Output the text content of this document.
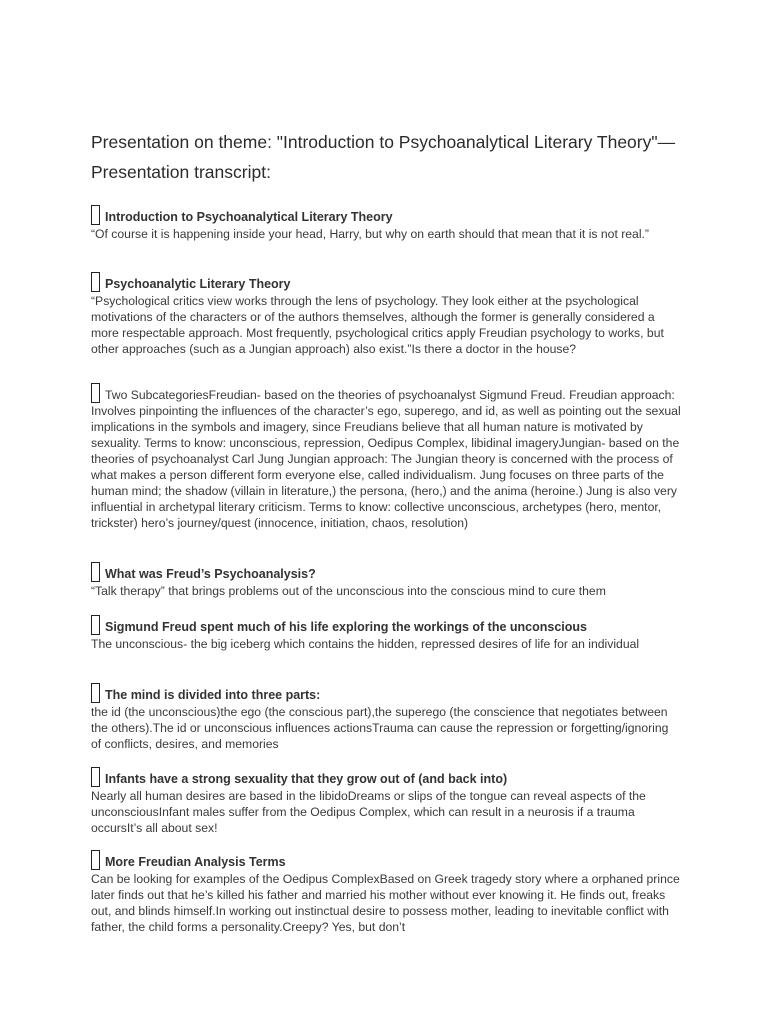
Presentation on theme: "Introduction to Psychoanalytical Literary Theory"— Presentation transcript:
Introduction to Psychoanalytical Literary Theory

“Of course it is happening inside your head, Harry, but why on earth should that mean that it is not real.”

Psychoanalytic Literary Theory

“Psychological critics view works through the lens of psychology. They look either at the psychological motivations of the characters or of the authors themselves, although the former is generally considered a more respectable approach. Most frequently, psychological critics apply Freudian psychology to works, but other approaches (such as a Jungian approach) also exist.”Is there a doctor in the house?

Two SubcategoriesFreudian- based on the theories of psychoanalyst Sigmund Freud. Freudian approach: Involves pinpointing the influences of the character’s ego, superego, and id, as well as pointing out the sexual implications in the symbols and imagery, since Freudians believe that all human nature is motivated by sexuality. Terms to know: unconscious, repression, Oedipus Complex, libidinal imageryJungian- based on the theories of psychoanalyst Carl Jung Jungian approach: The Jungian theory is concerned with the process of what makes a person different form everyone else, called individualism. Jung focuses on three parts of the human mind; the shadow (villain in literature,) the persona, (hero,) and the anima (heroine.) Jung is also very influential in archetypal literary criticism. Terms to know: collective unconscious, archetypes (hero, mentor, trickster) hero’s journey/quest (innocence, initiation, chaos, resolution)

What was Freud’s Psychoanalysis?

“Talk therapy” that brings problems out of the unconscious into the conscious mind to cure them

Sigmund Freud spent much of his life exploring the workings of the unconscious

The unconscious- the big iceberg which contains the hidden, repressed desires of life for an individual

The mind is divided into three parts:

the id (the unconscious)the ego (the conscious part),the superego (the conscience that negotiates between the others).The id or unconscious influences actionsTrauma can cause the repression or forgetting/ignoring of conflicts, desires, and memories

Infants have a strong sexuality that they grow out of (and back into)

Nearly all human desires are based in the libidoDreams or slips of the tongue can reveal aspects of the unconsciousInfant males suffer from the Oedipus Complex, which can result in a neurosis if a trauma occursIt’s all about sex!

More Freudian Analysis Terms

Can be looking for examples of the Oedipus ComplexBased on Greek tragedy story where a orphaned prince later finds out that he’s killed his father and married his mother without ever knowing it. He finds out, freaks out, and blinds himself.In working out instinctual desire to possess mother, leading to inevitable conflict with father, the child forms a personality.Creepy? Yes, but don’t
